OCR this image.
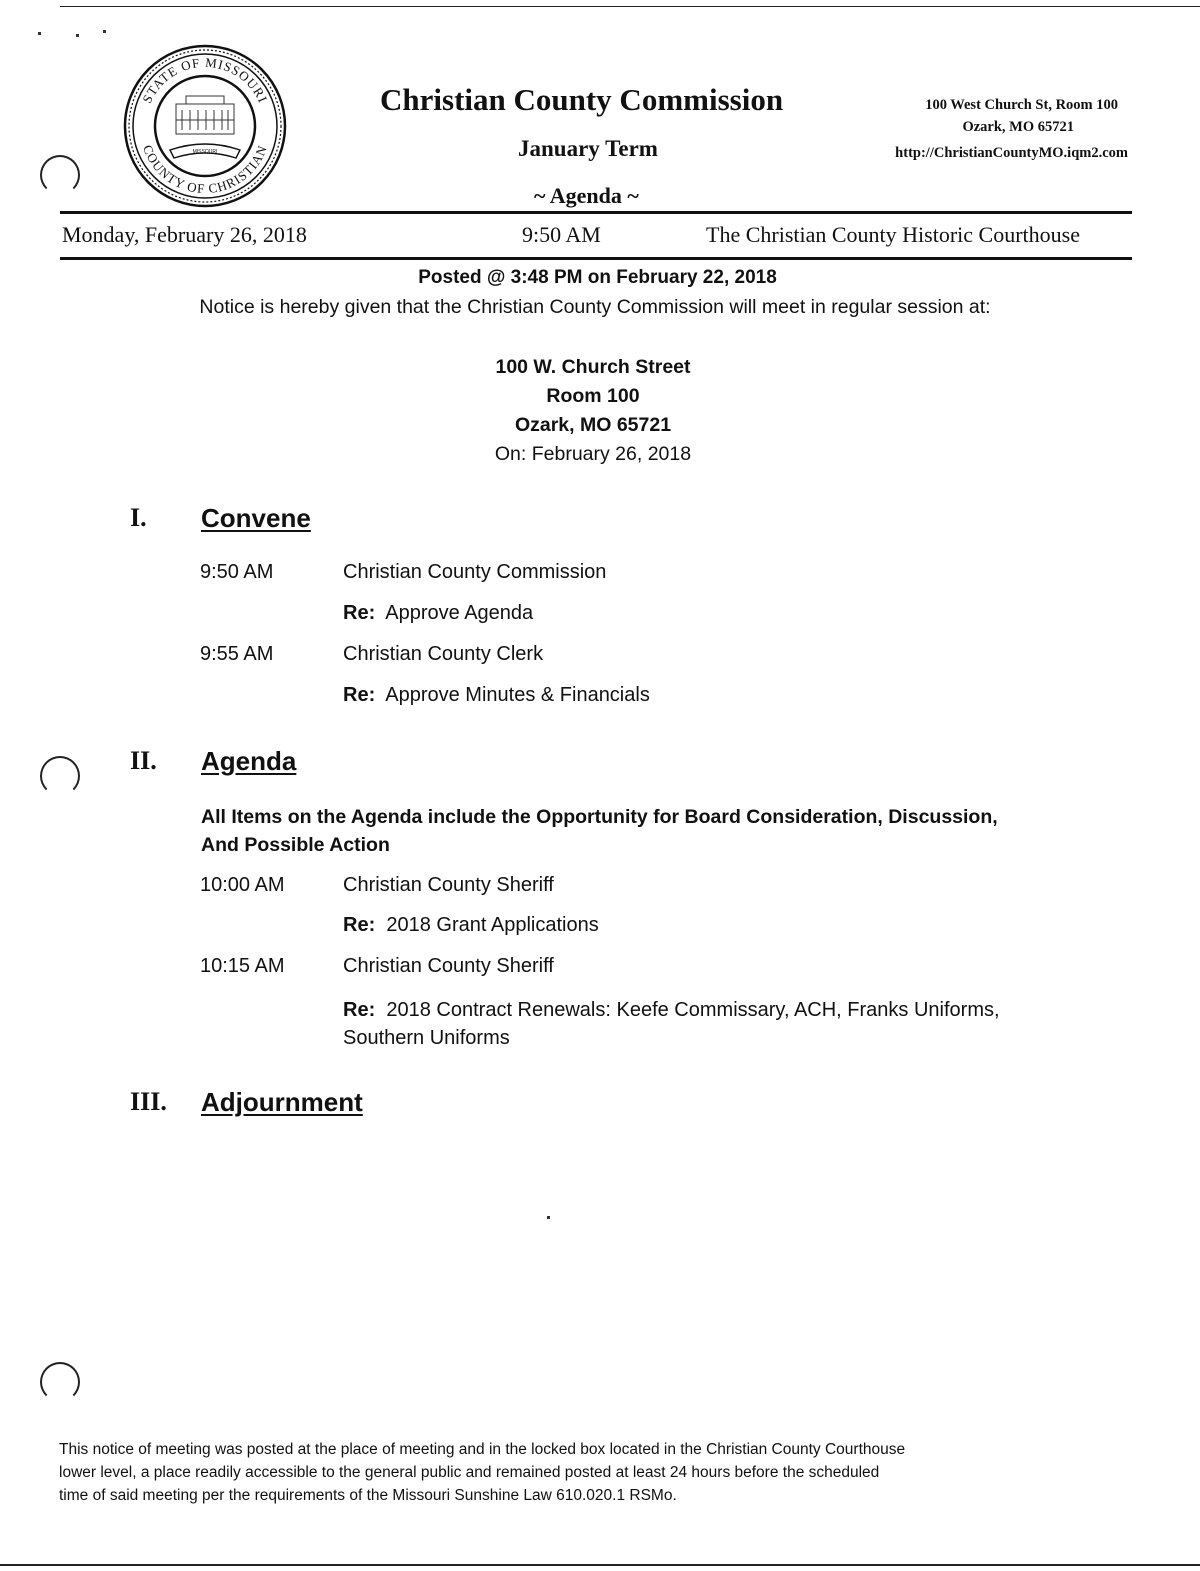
STATE OF MISSOURI
COUNTY OF CHRISTIAN
MISSOURI
Christian County Commission
January Term
~ Agenda ~
100 West Church St, Room 100
Ozark, MO 65721
http://ChristianCountyMO.iqm2.com
Monday, February 26, 2018	9:50 AM	The Christian County Historic Courthouse
Posted @ 3:48 PM on February 22, 2018
Notice is hereby given that the Christian County Commission will meet in regular session at:
100 W. Church Street
Room 100
Ozark, MO 65721
On: February 26, 2018
I. Convene
9:50 AM	Christian County Commission
Re: Approve Agenda
9:55 AM	Christian County Clerk
Re: Approve Minutes & Financials
II. Agenda
All Items on the Agenda include the Opportunity for Board Consideration, Discussion,
And Possible Action
10:00 AM	Christian County Sheriff
Re: 2018 Grant Applications
10:15 AM	Christian County Sheriff
Re: 2018 Contract Renewals: Keefe Commissary, ACH, Franks Uniforms,
Southern Uniforms
III. Adjournment
This notice of meeting was posted at the place of meeting and in the locked box located in the Christian County Courthouse
lower level, a place readily accessible to the general public and remained posted at least 24 hours before the scheduled
time of said meeting per the requirements of the Missouri Sunshine Law 610.020.1 RSMo.
